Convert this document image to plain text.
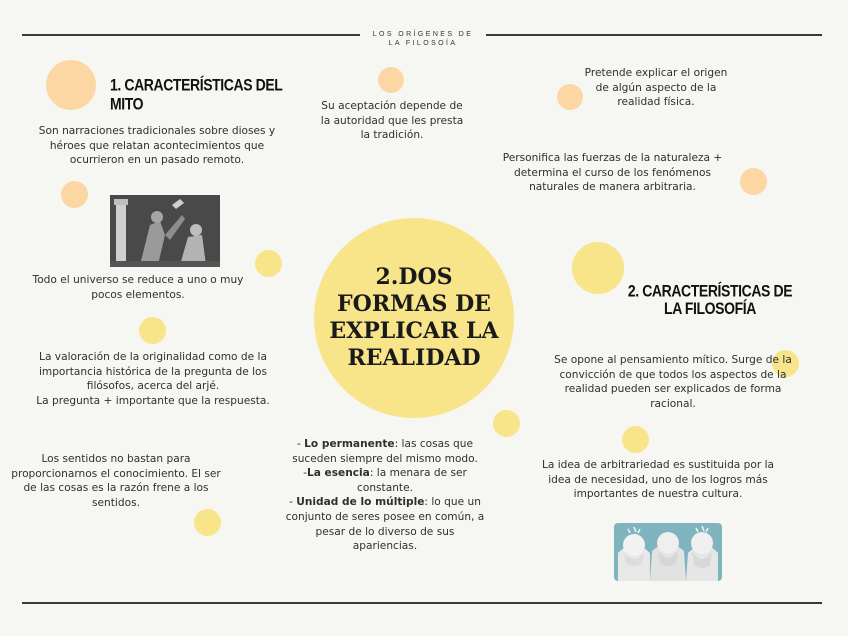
LOS ORÍGENES DE
LA FILOSOÍA
2.DOS FORMAS DE EXPLICAR LA REALIDAD
1. CARACTERÍSTICAS DEL MITO
2. CARACTERÍSTICAS DE LA FILOSOFÍA
Son narraciones tradicionales sobre dioses y héroes que relatan acontecimientos que ocurrieron en un pasado remoto.
Su aceptación depende de la autoridad que les presta la tradición.
Pretende explicar el origen de algún aspecto de la realidad física.
Personifica las fuerzas de la naturaleza + determina el curso de los fenómenos naturales de manera arbitraria.
Todo el universo se reduce a uno o muy pocos elementos.
La valoración de la originalidad como de la importancia histórica de la pregunta de los filósofos, acerca del arjé.
La pregunta + importante que la respuesta.
Los sentidos no bastan para proporcionarnos el conocimiento. El ser de las cosas es la razón frene a los sentidos.
Se opone al pensamiento mítico. Surge de la convicción de que todos los aspectos de la realidad pueden ser explicados de forma racional.
La idea de arbitrariedad es sustituida por la idea de necesidad, uno de los logros más importantes de nuestra cultura.

- Lo permanente: las cosas que suceden siempre del mismo modo.

-La esencia: la menara de ser constante.

- Unidad de lo múltiple: lo que un conjunto de seres posee en común, a pesar de lo diverso de sus apariencias.
